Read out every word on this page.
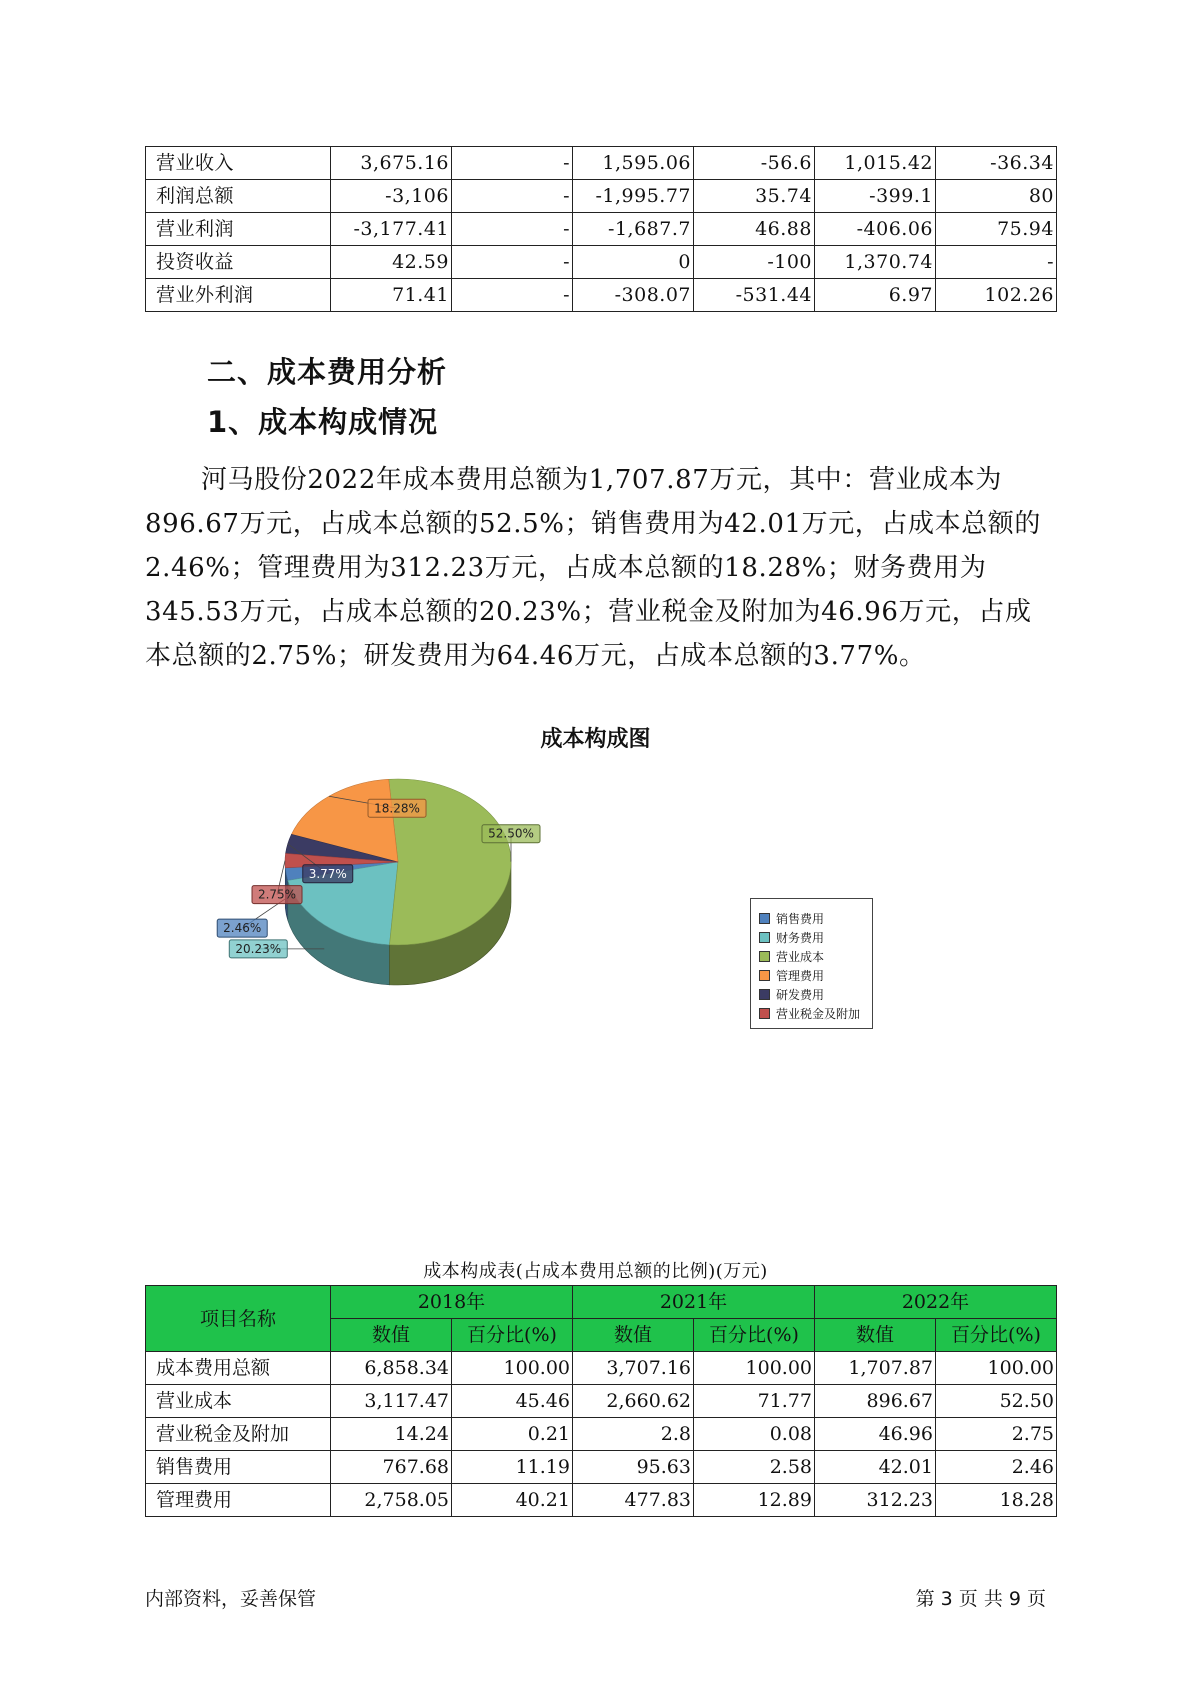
营业收入	3,675.16	-	1,595.06	-56.6	1,015.42	-36.34
利润总额	-3,106	-	-1,995.77	35.74	-399.1	80
营业利润	-3,177.41	-	-1,687.7	46.88	-406.06	75.94
投资收益	42.59	-	0	-100	1,370.74	-
营业外利润	71.41	-	-308.07	-531.44	6.97	102.26
二、成本费用分析
1、成本构成情况

河马股份2022年成本费用总额为1,707.87万元，其中：营业成本为896.67万元，占成本总额的52.5%；销售费用为42.01万元，占成本总额的2.46%；管理费用为312.23万元，占成本总额的18.28%；财务费用为345.53万元，占成本总额的20.23%；营业税金及附加为46.96万元，占成本总额的2.75%；研发费用为64.46万元，占成本总额的3.77%。

成本构成图
2.46%
20.23%
52.50%
18.28%
3.77%
2.75%
销售费用
财务费用
营业成本
管理费用
研发费用
营业税金及附加
成本构成表(占成本费用总额的比例)(万元)
项目名称	2018年		2021年		2022年	
	数值	百分比(%)	数值	百分比(%)	数值	百分比(%)
成本费用总额	6,858.34	100.00	3,707.16	100.00	1,707.87	100.00
营业成本	3,117.47	45.46	2,660.62	71.77	896.67	52.50
营业税金及附加	14.24	0.21	2.8	0.08	46.96	2.75
销售费用	767.68	11.19	95.63	2.58	42.01	2.46
管理费用	2,758.05	40.21	477.83	12.89	312.23	18.28
内部资料，妥善保管	第 3 页 共 9 页
